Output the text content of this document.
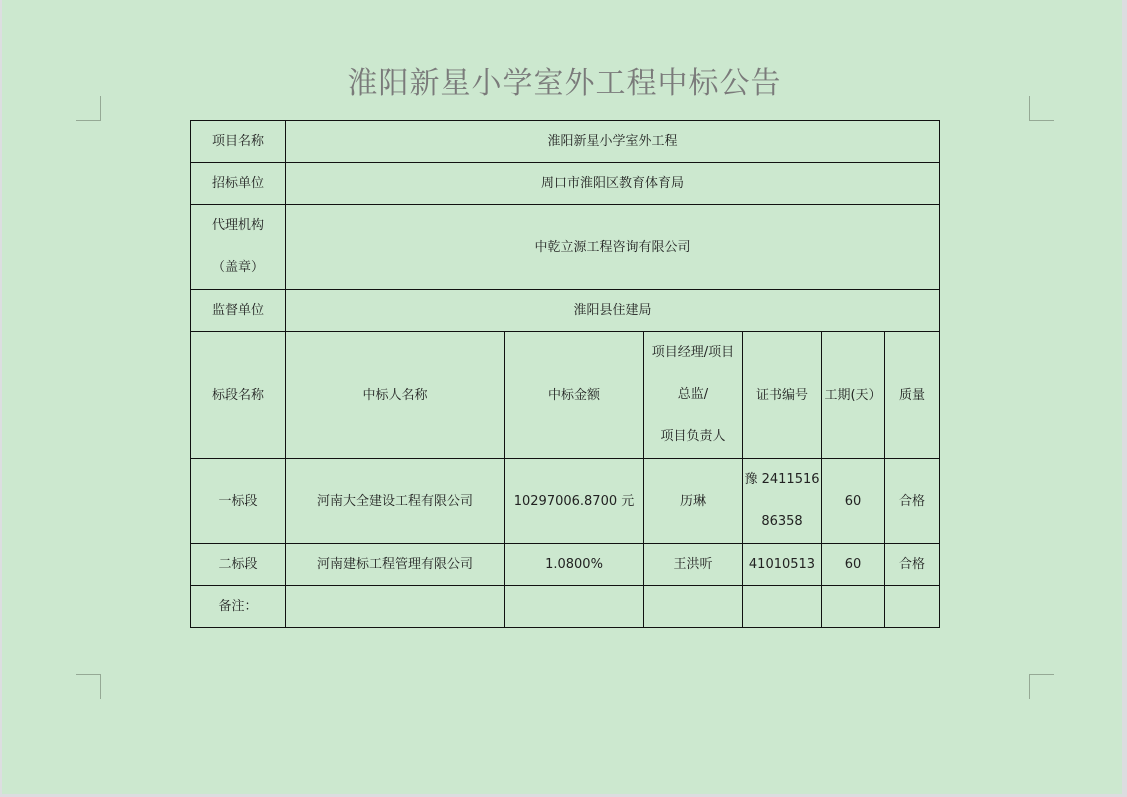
淮阳新星小学室外工程中标公告
项目名称	淮阳新星小学室外工程					
招标单位	周口市淮阳区教育体育局					

代理机构
（盖章）	中乾立源工程咨询有限公司					
监督单位	淮阳县住建局					
标段名称	中标人名称	中标金额	项目经理/项目
总监/
项目负责人	证书编号	工期(天）	质量
一标段	河南大全建设工程有限公司	10297006.8700 元	历琳	豫 2411516
86358	60	合格
二标段	河南建标工程管理有限公司	1.0800%	王洪听	41010513	60	合格
备注：						
